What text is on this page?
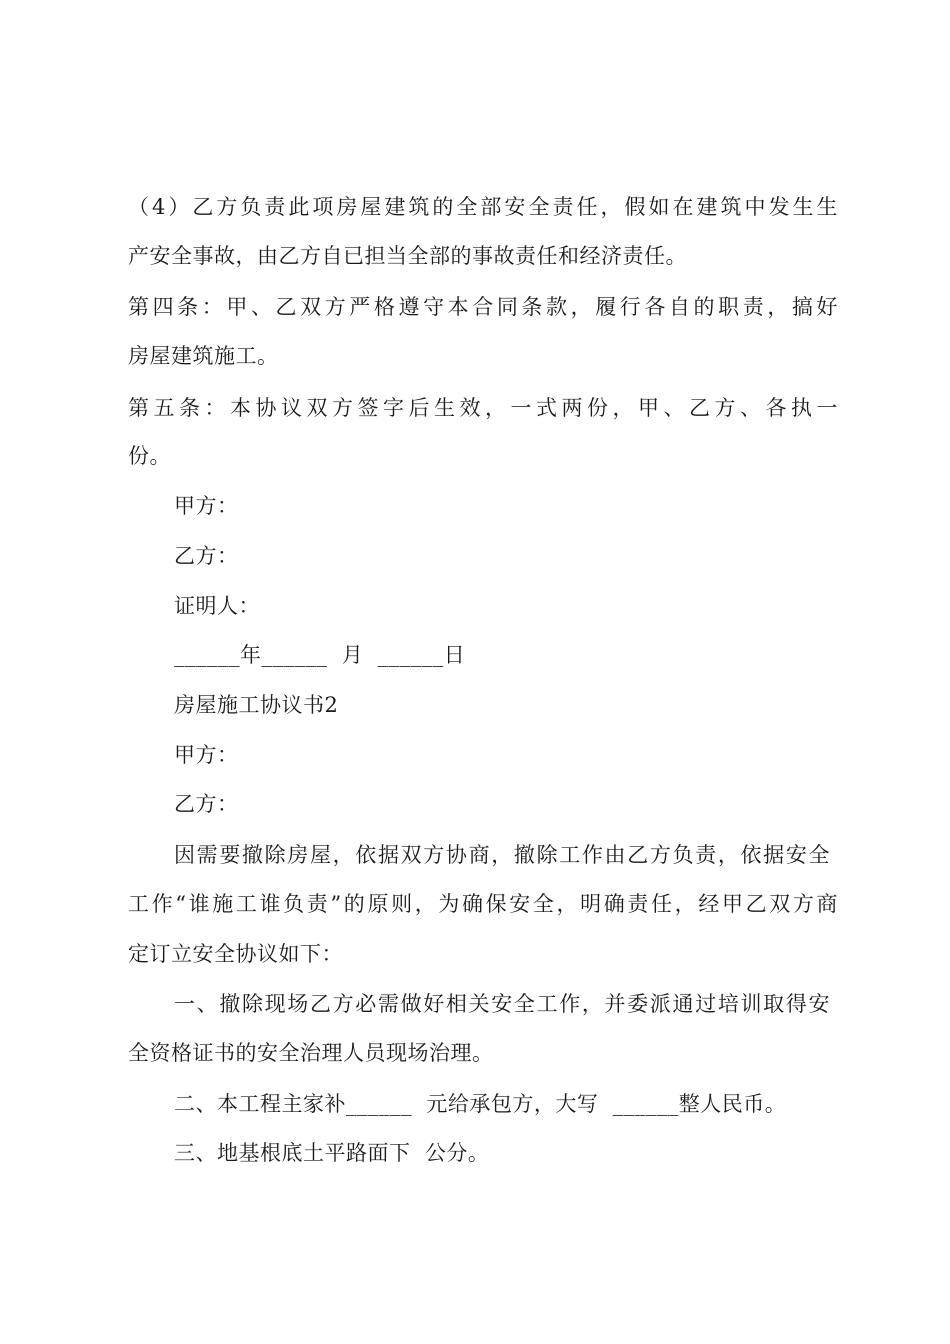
（4）乙方负责此项房屋建筑的全部安全责任，假如在建筑中发生生
产安全事故，由乙方自已担当全部的事故责任和经济责任。
第四条：甲、乙双方严格遵守本合同条款，履行各自的职责，搞好
房屋建筑施工。
第五条：本协议双方签字后生效，一式两份，甲、乙方、各执一
份。
甲方：
乙方：
证明人：
______年______  月  ______日
房屋施工协议书2
甲方：
乙方：
因需要撤除房屋，依据双方协商，撤除工作由乙方负责，依据安全
工作“谁施工谁负责”的原则，为确保安全，明确责任，经甲乙双方商
定订立安全协议如下：
一、撤除现场乙方必需做好相关安全工作，并委派通过培训取得安
全资格证书的安全治理人员现场治理。
二、本工程主家补______  元给承包方，大写  ______整人民币。
三、地基根底土平路面下  公分。
